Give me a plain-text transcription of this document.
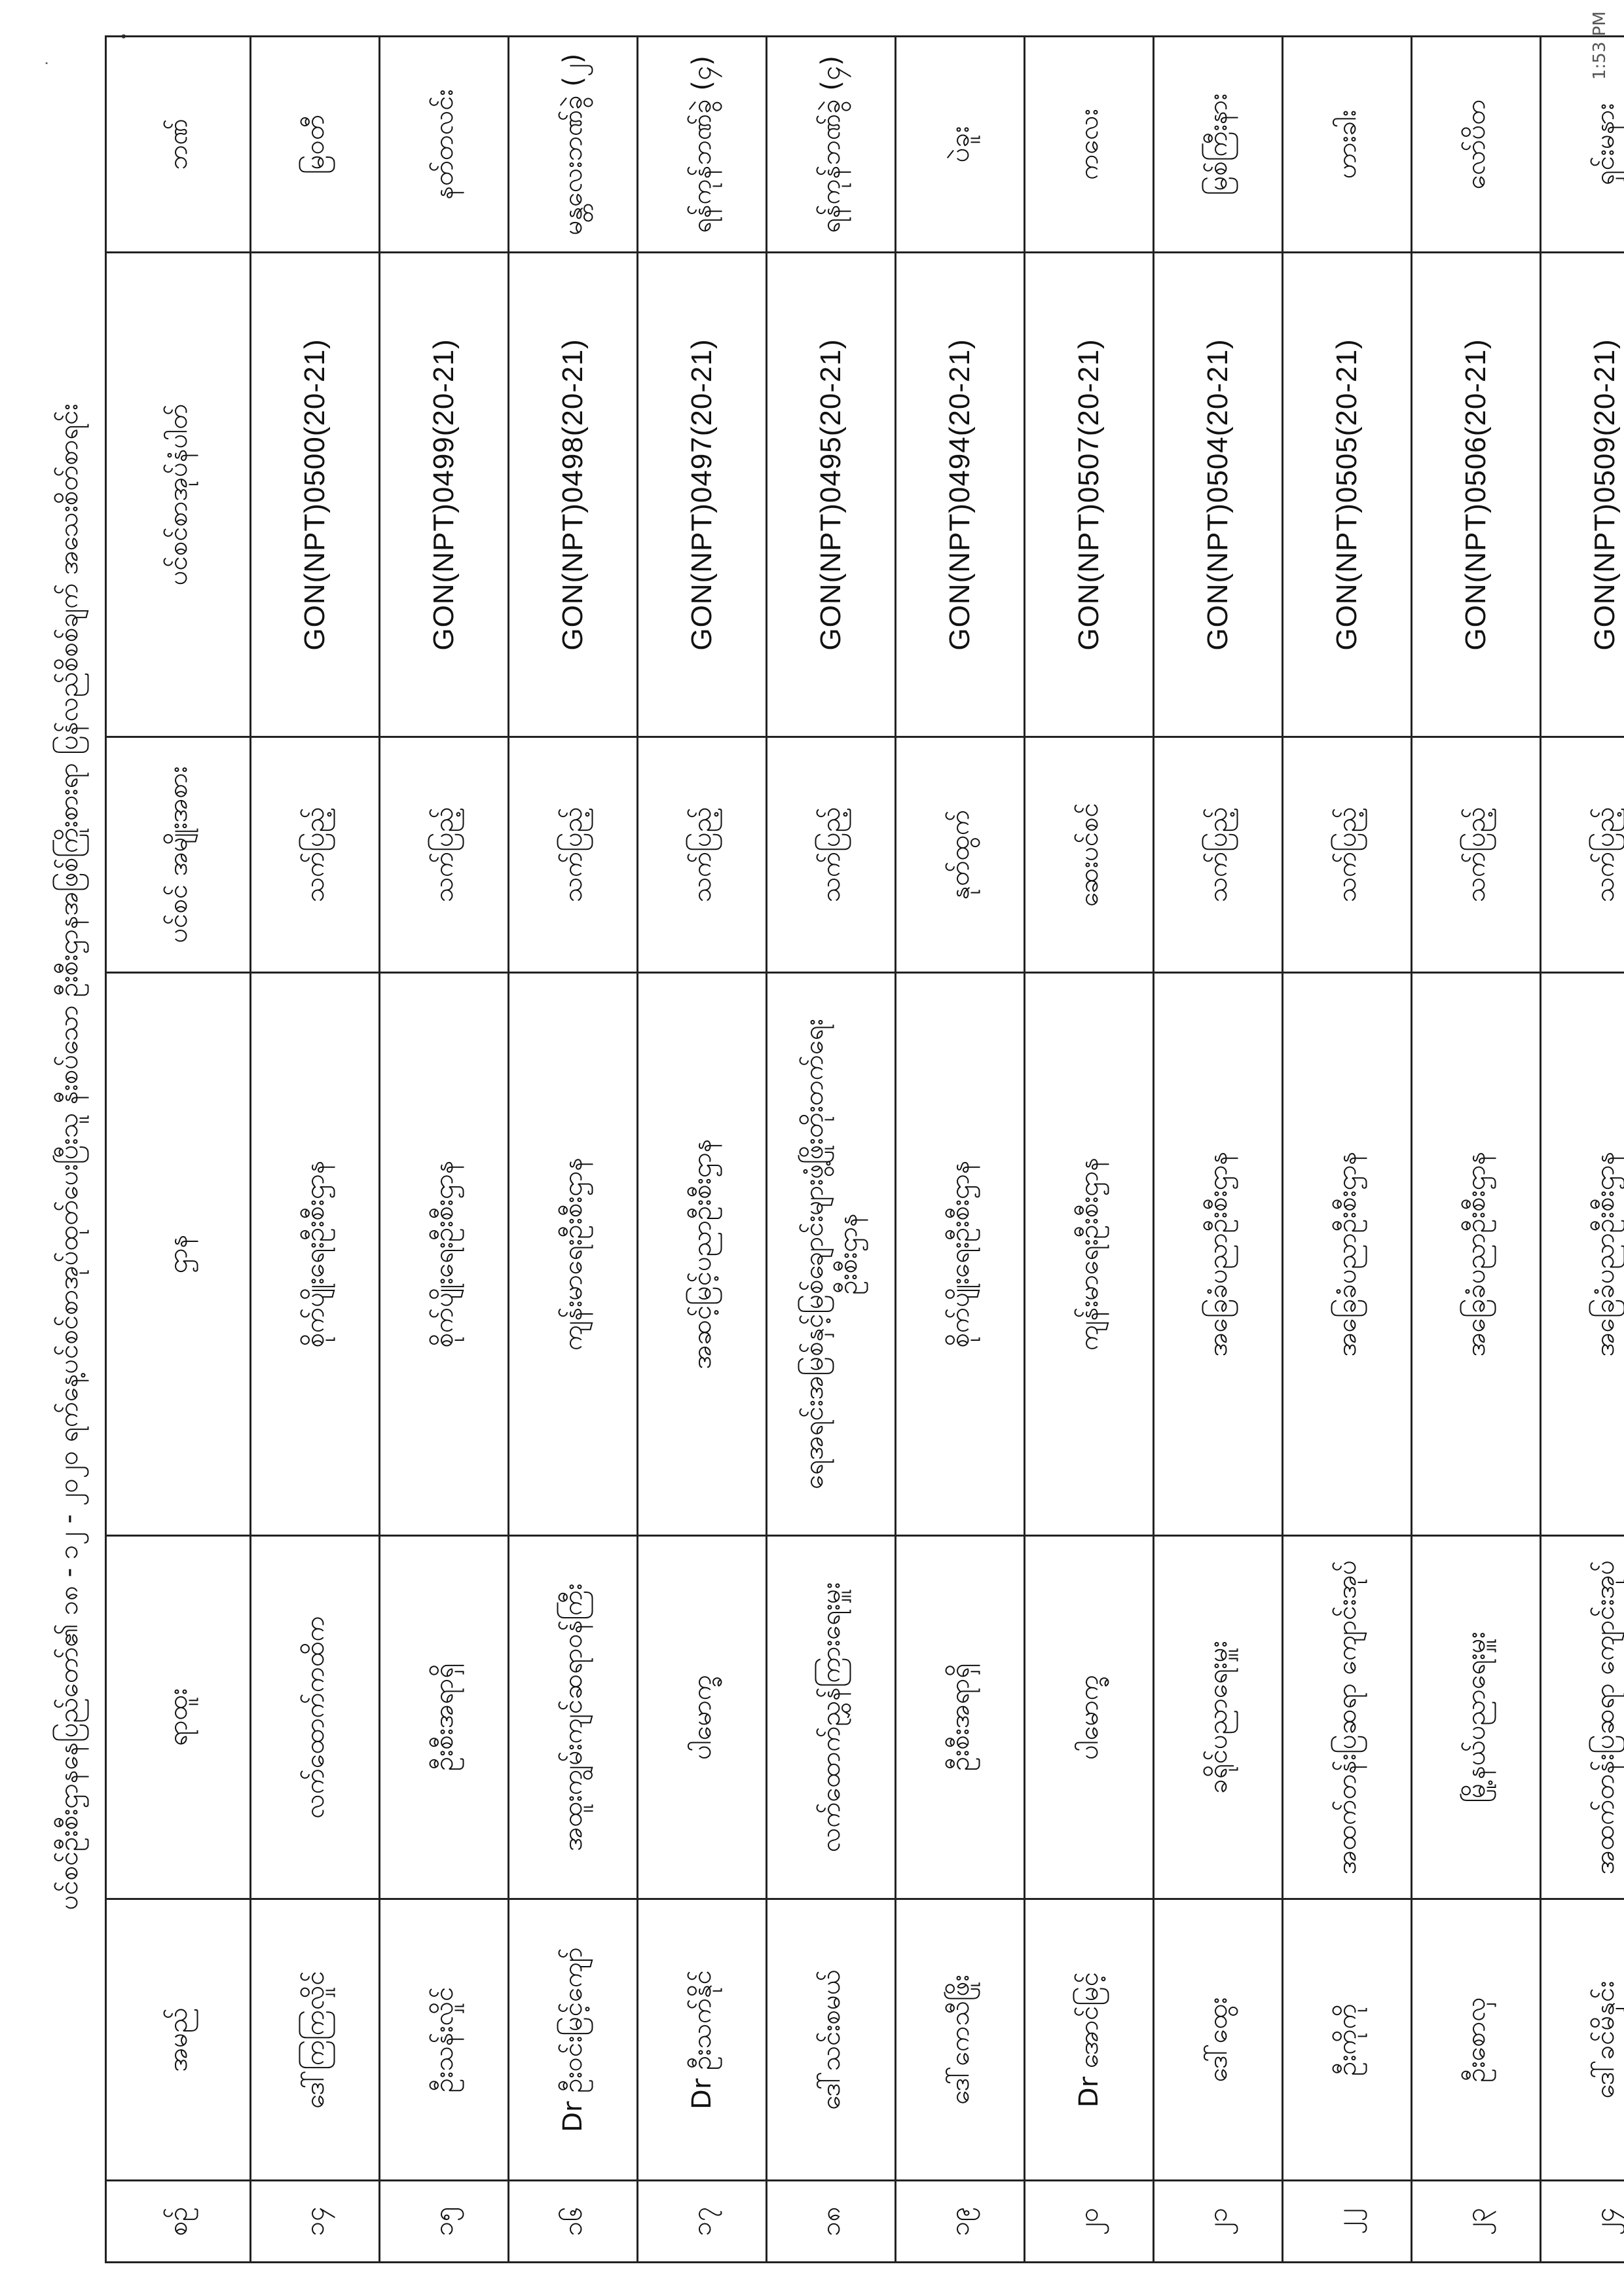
ပင်စင်ဦးစီးဌာနနေပြည်တော်၏ ၁၈ - ၁၂ - ၂၀၂၀ ရက်နေ့ပင်စင်စာအုပ်ထုတ်ပေးပြီးသူ နီးစပ်သော ဦးစီးဌာနအဖြစ်ကြိုးစားရာ ပြန်လည်စိစစ်ချက် အသေးစိတ်စာရင်း
1:53 PM
•
·
စဉ်	အမည်	ရာထူး	ဌာန	ပင်စင် အမျိုးအစား	ပင်စင်စာအုပ်နံပါတ်	ဘဏ်
၁၄	ဒေါ်ကြကြလှိုင်	လက်ထောက်ကထိက	စိုက်ပျိုးရေးဦးစီးဌာန	သက်ပြည့်	GON(NPT)0500(20-21)	မြဝတီ
၁၅	ဦးသန်းလှိုင်	ဦးစီးအရာရှိ	စိုက်ပျိုးရေးဦးစီးဌာန	သက်ပြည့်	GON(NPT)0499(20-21)	နတ်တလင်း
၁၆	Dr ဦးဝင်းမြင့်ကျော်	အထူးကျွမ်းကျင်ဆရာဝန်ကြီး	ကျန်းမာရေးဦးစီးဌာန	သက်ပြည့်	GON(NPT)0498(20-21)	မန္တလေးဘဏ်ခွဲ (၂)
၁၇	Dr ဦးသက်နိုင်	ပါမောက္ခ	အဆင့်မြင့်ပညာဦးစီးဌာန	သက်ပြည့်	GON(NPT)0497(20-21)	ရန်ကုန်ဘဏ်ခွဲ (၄)
၁၈	ဒေါ်သင်းစမယ်	လက်ထောက်ညွှန်ကြားရေးမှူး	ရေအရင်းအမြစ်နှင့်မြစ်ချောင်းများဖွံ့ဖြိုးတိုးတက်ရေးဦးစီးဌာန	သက်ပြည့်	GON(NPT)0495(20-21)	ရန်ကုန်ဘဏ်ခွဲ (၄)
၁၉	ဒေါ်ကေသီဖြိုး	ဦးစီးအရာရှိ	စိုက်ပျိုးရေးဦးစီးဌာန	နုတ်ထွက်	GON(NPT)0494(20-21)	ပဲခူး
၂၀	Dr အောင်မြင့်	ပါမောက္ခ	ကျန်းမာရေးဦးစီးဌာန	ဆေးပင်စင်	GON(NPT)0507(20-21)	ကလေး
၂၁	ဒေါ်ထွေး	ခရိုင်ပညာရေးမှူး	အခြေခံပညာဦးစီးဌာန	သက်ပြည့်	GON(NPT)0504(20-21)	မြစ်ကြီးနား
၂၂	ဦးကိုကို	အထက်တန်းပြဆရာ ကျောင်းအုပ်	အခြေခံပညာဦးစီးဌာန	သက်ပြည့်	GON(NPT)0505(20-21)	ဟားခါး
၂၃	ဦးစောလှ	မြို့နယ်ပညာရေးမှူး	အခြေခံပညာဦးစီးဌာန	သက်ပြည့်	GON(NPT)0506(20-21)	လော်ပိတ
၂၄	ဒေါ်ခင်မိနှင်း	အထက်တန်းပြဆရာ ကျောင်းအုပ်	အခြေခံပညာဦးစီးဌာန	သက်ပြည့်	GON(NPT)0509(20-21)	ရှင်းမနား
